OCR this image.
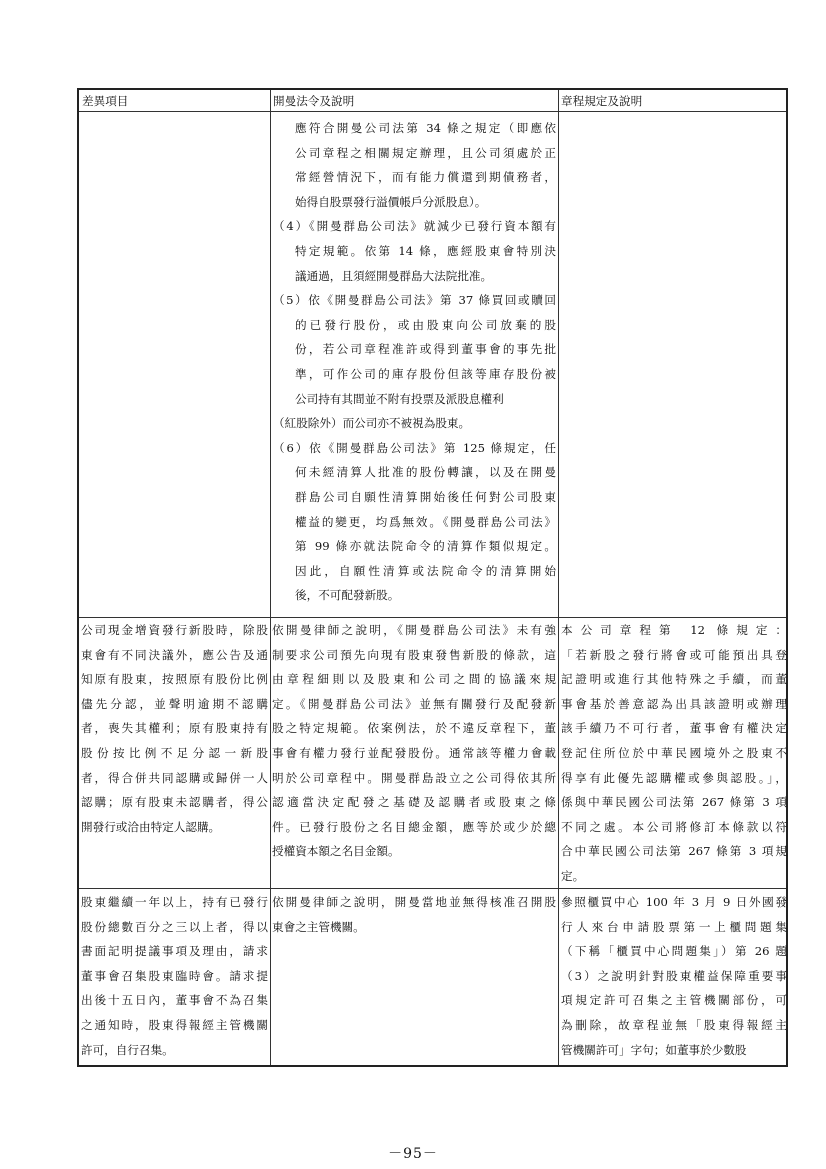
差異項目	開曼法令及說明	章程規定及說明
應符合開曼公司法第 34 條之規定（即應依
公司章程之相關規定辦理，且公司須處於正
常經營情況下，而有能力償還到期債務者，
始得自股票發行溢價帳戶分派股息）。
（4）《開曼群島公司法》就減少已發行資本額有
特定規範。依第 14 條，應經股東會特別決
議通過，且須經開曼群島大法院批准。
（5）依《開曼群島公司法》第 37 條買回或贖回
的已發行股份，或由股東向公司放棄的股
份，若公司章程准許或得到董事會的事先批
準，可作公司的庫存股份但該等庫存股份被
公司持有其間並不附有投票及派股息權利
（紅股除外）而公司亦不被視為股東。
（6）依《開曼群島公司法》第 125 條規定，任
何未經清算人批准的股份轉讓，以及在開曼
群島公司自願性清算開始後任何對公司股東
權益的變更，均爲無效。《開曼群島公司法》
第 99 條亦就法院命令的清算作類似規定。
因此，自願性清算或法院命令的清算開始
後，不可配發新股。
公司現金增資發行新股時，除股
東會有不同決議外，應公告及通
知原有股東，按照原有股份比例
儘先分認，並聲明逾期不認購
者，喪失其權利；原有股東持有
股份按比例不足分認一新股
者，得合併共同認購或歸併一人
認購；原有股東未認購者，得公
開發行或洽由特定人認購。
依開曼律師之說明，《開曼群島公司法》未有強
制要求公司預先向現有股東發售新股的條款，這
由章程細則以及股東和公司之間的協議來規
定。《開曼群島公司法》並無有關發行及配發新
股之特定規範。依案例法，於不違反章程下，董
事會有權力發行並配發股份。通常該等權力會載
明於公司章程中。開曼群島設立之公司得依其所
認適當決定配發之基礎及認購者或股東之條
件。已發行股份之名目總金額，應等於或少於總
授權資本額之名目金額。
本公司章程第 12 條規定：
「若新股之發行將會或可能預出具登
記證明或進行其他特殊之手續，而董
事會基於善意認為出具該證明或辦理
該手續乃不可行者，董事會有權決定
登記住所位於中華民國境外之股東不
得享有此優先認購權或參與認股。」，
係與中華民國公司法第 267 條第 3 項
不同之處。本公司將修訂本條款以符
合中華民國公司法第 267 條第 3 項規
定。
股東繼續一年以上，持有已發行
股份總數百分之三以上者，得以
書面記明提議事項及理由，請求
董事會召集股東臨時會。請求提
出後十五日內，董事會不為召集
之通知時，股東得報經主管機關
許可，自行召集。
依開曼律師之說明，開曼當地並無得核准召開股
東會之主管機關。
參照櫃買中心 100 年 3 月 9 日外國發
行人來台申請股票第一上櫃問題集
（下稱「櫃買中心問題集」）第 26 題
（3）之說明針對股東權益保障重要事
項規定許可召集之主管機關部份，可
為刪除，故章程並無「股東得報經主
管機關許可」字句；如董事於少數股
－95－
